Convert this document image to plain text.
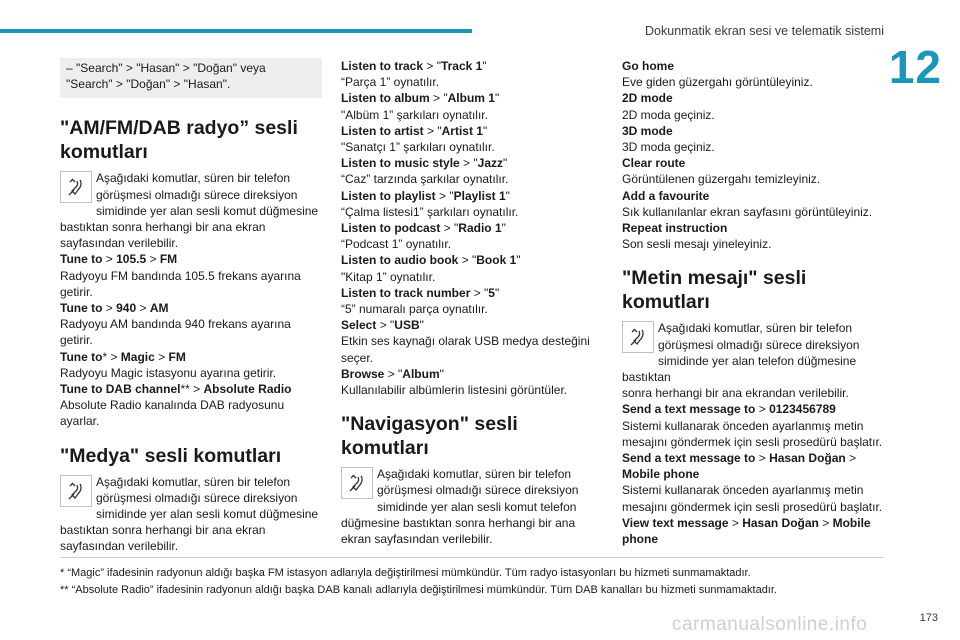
Dokunmatik ekran sesi ve telematik sistemi
12

– "Search" > "Hasan" > "Doğan" veya

"Search" > "Doğan" > "Hasan".

"AM/FM/DAB radyo” sesli komutları

Aşağıdaki komutlar, süren bir telefon

görüşmesi olmadığı sürece direksiyon

simidinde yer alan sesli komut düğmesine

bastıktan sonra herhangi bir ana ekran

sayfasından verilebilir.

Tune to > 105.5 > FM

Radyoyu FM bandında 105.5 frekans ayarına

getirir.

Tune to > 940 > AM

Radyoyu AM bandında 940 frekans ayarına

getirir.

Tune to* > Magic > FM

Radyoyu Magic istasyonu ayarına getirir.

Tune to DAB channel** > Absolute Radio

Absolute Radio kanalında DAB radyosunu

ayarlar.

"Medya" sesli komutları

Aşağıdaki komutlar, süren bir telefon

görüşmesi olmadığı sürece direksiyon

simidinde yer alan sesli komut düğmesine

bastıktan sonra herhangi bir ana ekran

sayfasından verilebilir.

Listen to track > "Track 1"

“Parça 1” oynatılır.

Listen to album > "Album 1"

"Albüm 1” şarkıları oynatılır.

Listen to artist > "Artist 1"

"Sanatçı 1” şarkıları oynatılır.

Listen to music style > "Jazz"

“Caz” tarzında şarkılar oynatılır.

Listen to playlist > "Playlist 1"

“Çalma listesi1” şarkıları oynatılır.

Listen to podcast > "Radio 1"

“Podcast 1” oynatılır.

Listen to audio book > "Book 1"

"Kitap 1” oynatılır.

Listen to track number > "5"

“5” numaralı parça oynatılır.

Select > "USB"

Etkin ses kaynağı olarak USB medya desteğini

seçer.

Browse > "Album"

Kullanılabilir albümlerin listesini görüntüler.

"Navigasyon" sesli komutları

Aşağıdaki komutlar, süren bir telefon

görüşmesi olmadığı sürece direksiyon

simidinde yer alan sesli komut telefon

düğmesine bastıktan sonra herhangi bir ana

ekran sayfasından verilebilir.

Go home

Eve giden güzergahı görüntüleyiniz.

2D mode

2D moda geçiniz.

3D mode

3D moda geçiniz.

Clear route

Görüntülenen güzergahı temizleyiniz.

Add a favourite

Sık kullanılanlar ekran sayfasını görüntüleyiniz.

Repeat instruction

Son sesli mesajı yineleyiniz.

"Metin mesajı" sesli komutları

Aşağıdaki komutlar, süren bir telefon

görüşmesi olmadığı sürece direksiyon

simidinde yer alan telefon düğmesine bastıktan

sonra herhangi bir ana ekrandan verilebilir.

Send a text message to > 0123456789

Sistemi kullanarak önceden ayarlanmış metin

mesajını göndermek için sesli prosedürü başlatır.

Send a text message to > Hasan Doğan >

Mobile phone

Sistemi kullanarak önceden ayarlanmış metin

mesajını göndermek için sesli prosedürü başlatır.

View text message > Hasan Doğan > Mobile

phone

* “Magic” ifadesinin radyonun aldığı başka FM istasyon adlarıyla değiştirilmesi mümkündür. Tüm radyo istasyonları bu hizmeti sunmamaktadır.

** “Absolute Radio” ifadesinin radyonun aldığı başka DAB kanalı adlarıyla değiştirilmesi mümkündür. Tüm DAB kanalları bu hizmeti sunmamaktadır.

carmanualsonline.info	173
